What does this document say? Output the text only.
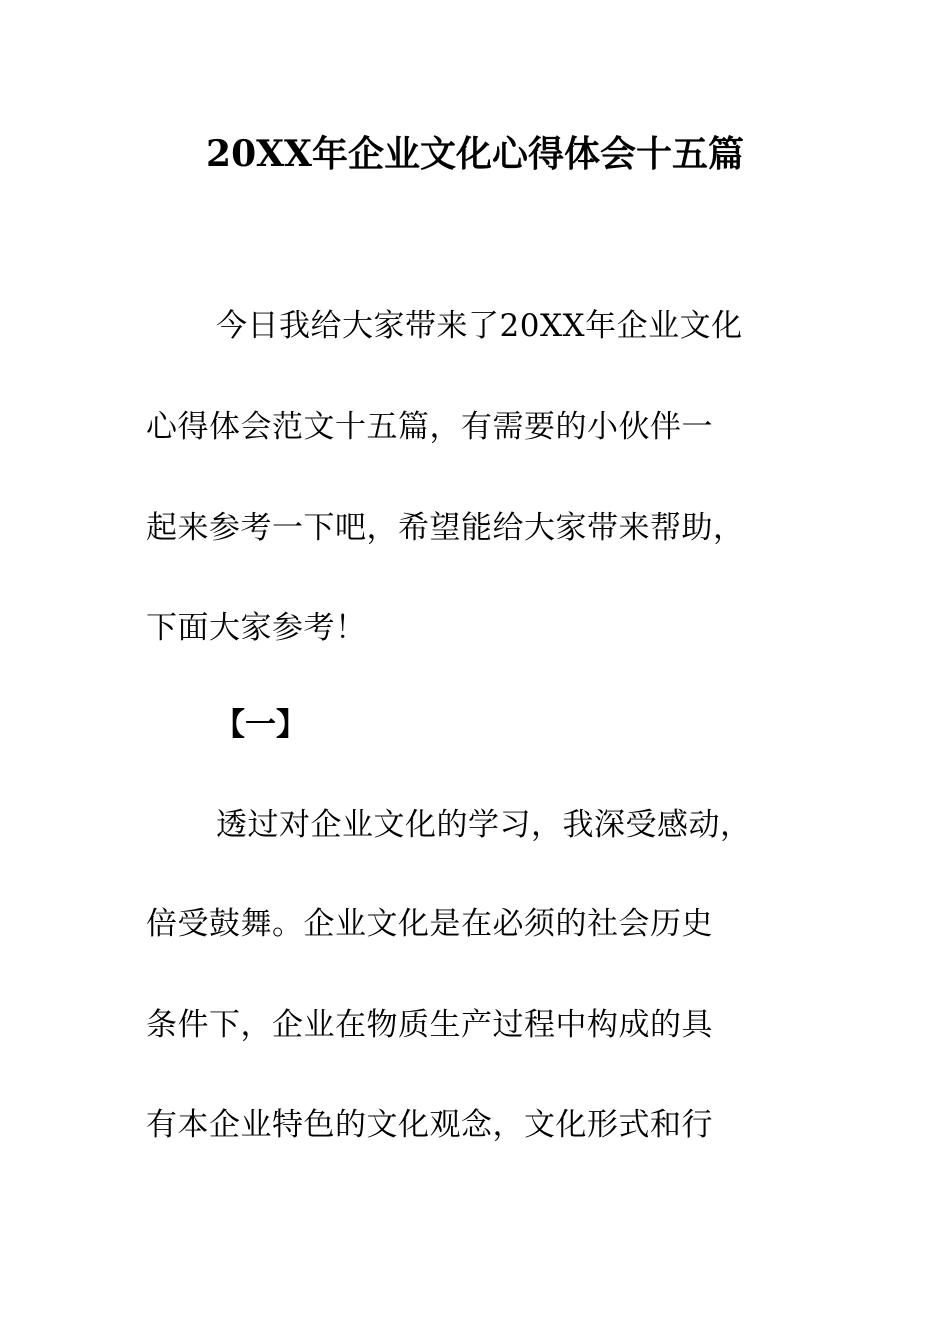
20XX年企业文化心得体会十五篇
今日我给大家带来了20XX年企业文化
心得体会范文十五篇，有需要的小伙伴一
起来参考一下吧，希望能给大家带来帮助，
下面大家参考！
【一】
透过对企业文化的学习，我深受感动，
倍受鼓舞。企业文化是在必须的社会历史
条件下，企业在物质生产过程中构成的具
有本企业特色的文化观念，文化形式和行
